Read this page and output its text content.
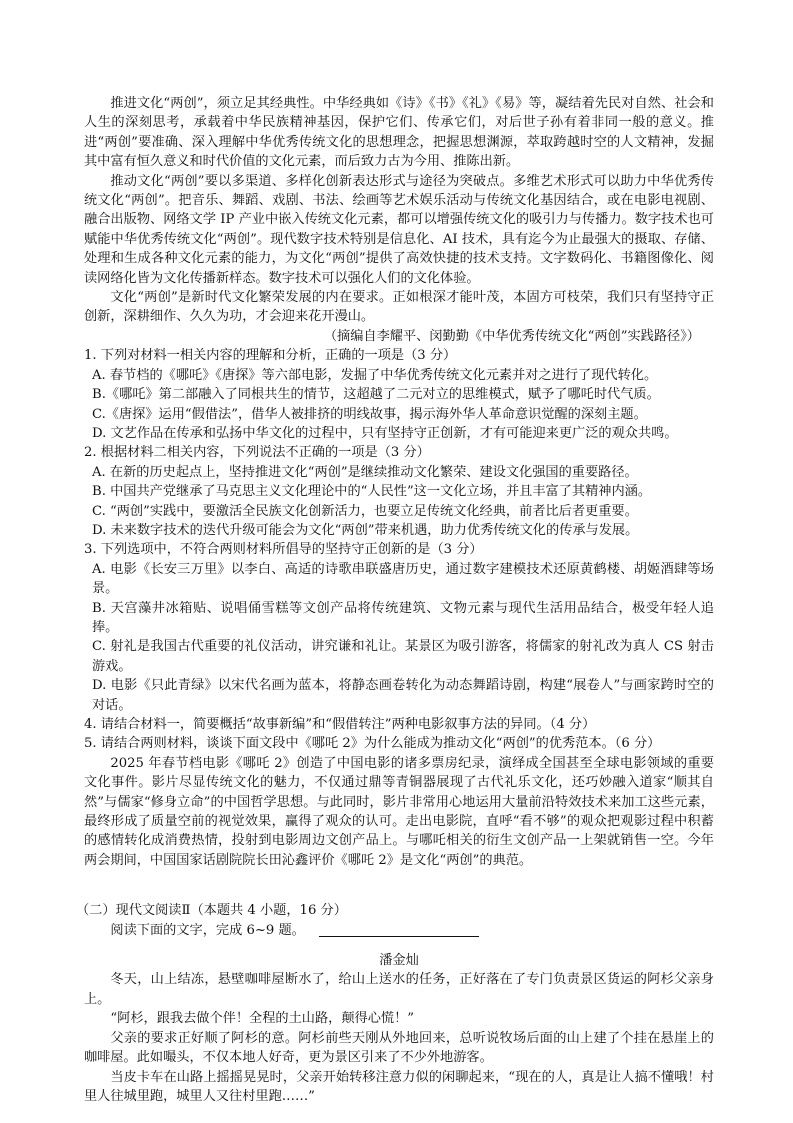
推进文化“两创”，须立足其经典性。中华经典如《诗》《书》《礼》《易》等，凝结着先民对自然、社会和人生的深刻思考，承载着中华民族精神基因，保护它们、传承它们，对后世子孙有着非同一般的意义。推进“两创”要准确、深入理解中华优秀传统文化的思想理念，把握思想渊源，萃取跨越时空的人文精神，发掘其中富有恒久意义和时代价值的文化元素，而后致力古为今用、推陈出新。

推动文化“两创”要以多渠道、多样化创新表达形式与途径为突破点。多维艺术形式可以助力中华优秀传统文化“两创”。把音乐、舞蹈、戏剧、书法、绘画等艺术娱乐活动与传统文化基因结合，或在电影电视剧、融合出版物、网络文学 IP 产业中嵌入传统文化元素，都可以增强传统文化的吸引力与传播力。数字技术也可赋能中华优秀传统文化“两创”。现代数字技术特别是信息化、AI 技术，具有迄今为止最强大的摄取、存储、处理和生成各种文化元素的能力，为文化“两创”提供了高效快捷的技术支持。文字数码化、书籍图像化、阅读网络化皆为文化传播新样态。数字技术可以强化人们的文化体验。

文化“两创”是新时代文化繁荣发展的内在要求。正如根深才能叶茂，本固方可枝荣，我们只有坚持守正创新，深耕细作、久久为功，才会迎来花开漫山。

（摘编自李耀平、闵勤勤《中华优秀传统文化“两创”实践路径》）

1. 下列对材料一相关内容的理解和分析，正确的一项是（3 分）

A. 春节档的《哪吒》《唐探》等六部电影，发掘了中华优秀传统文化元素并对之进行了现代转化。

B.《哪吒》第二部融入了同根共生的情节，这超越了二元对立的思维模式，赋予了哪吒时代气质。

C.《唐探》运用“假借法”，借华人被排挤的明线故事，揭示海外华人革命意识觉醒的深刻主题。

D. 文艺作品在传承和弘扬中华文化的过程中，只有坚持守正创新，才有可能迎来更广泛的观众共鸣。

2. 根据材料二相关内容，下列说法不正确的一项是（3 分）

A. 在新的历史起点上，坚持推进文化“两创”是继续推动文化繁荣、建设文化强国的重要路径。

B. 中国共产党继承了马克思主义文化理论中的“人民性”这一文化立场，并且丰富了其精神内涵。

C. “两创”实践中，要激活全民族文化创新活力，也要立足传统文化经典，前者比后者更重要。

D. 未来数字技术的迭代升级可能会为文化“两创”带来机遇，助力优秀传统文化的传承与发展。

3. 下列选项中，不符合两则材料所倡导的坚持守正创新的是（3 分）

A. 电影《长安三万里》以李白、高适的诗歌串联盛唐历史，通过数字建模技术还原黄鹤楼、胡姬酒肆等场景。

B. 天宫藻井冰箱贴、说唱俑雪糕等文创产品将传统建筑、文物元素与现代生活用品结合，极受年轻人追捧。

C. 射礼是我国古代重要的礼仪活动，讲究谦和礼让。某景区为吸引游客，将儒家的射礼改为真人 CS 射击游戏。

D. 电影《只此青绿》以宋代名画为蓝本，将静态画卷转化为动态舞蹈诗剧，构建“展卷人”与画家跨时空的对话。

4. 请结合材料一，简要概括“故事新编”和“假借转注”两种电影叙事方法的异同。（4 分）

5. 请结合两则材料，谈谈下面文段中《哪吒 2》为什么能成为推动文化“两创”的优秀范本。（6 分）

2025 年春节档电影《哪吒 2》创造了中国电影的诸多票房纪录，演绎成全国甚至全球电影领域的重要文化事件。影片尽显传统文化的魅力，不仅通过鼎等青铜器展现了古代礼乐文化，还巧妙融入道家“顺其自然”与儒家“修身立命”的中国哲学思想。与此同时，影片非常用心地运用大量前沿特效技术来加工这些元素，最终形成了质量空前的视觉效果，赢得了观众的认可。走出电影院，直呼“看不够”的观众把观影过程中积蓄的感情转化成消费热情，投射到电影周边文创产品上。与哪吒相关的衍生文创产品一上架就销售一空。今年两会期间，中国国家话剧院院长田沁鑫评价《哪吒 2》是文化“两创”的典范。

（二）现代文阅读Ⅱ（本题共 4 小题，16 分）

阅读下面的文字，完成 6~9 题。

潘金灿

冬天，山上结冻，悬壁咖啡屋断水了，给山上送水的任务，正好落在了专门负责景区货运的阿杉父亲身上。

“阿杉，跟我去做个伴！全程的土山路，颠得心慌！”

父亲的要求正好顺了阿杉的意。阿杉前些天刚从外地回来，总听说牧场后面的山上建了个挂在悬崖上的咖啡屋。此如嘬头，不仅本地人好奇，更为景区引来了不少外地游客。

当皮卡车在山路上摇摇晃晃时，父亲开始转移注意力似的闲聊起来，“现在的人，真是让人搞不懂哦！村里人往城里跑，城里人又往村里跑……”
